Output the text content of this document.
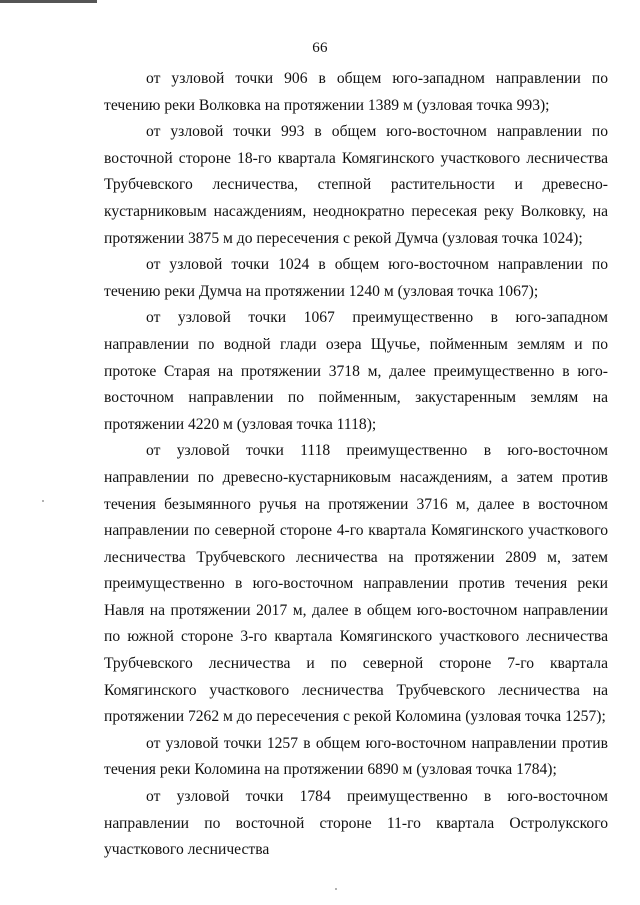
66

от узловой точки 906 в общем юго-западном направлении по течению реки Волковка на протяжении 1389 м (узловая точка 993);

от узловой точки 993 в общем юго-восточном направлении по восточной стороне 18-го квартала Комягинского участкового лесничества Трубчевского лесничества, степной растительности и древесно-кустарниковым насаждениям, неоднократно пересекая реку Волковку, на протяжении 3875 м до пересечения с рекой Думча (узловая точка 1024);

от узловой точки 1024 в общем юго-восточном направлении по течению реки Думча на протяжении 1240 м (узловая точка 1067);

от узловой точки 1067 преимущественно в юго-западном направлении по водной глади озера Щучье, пойменным землям и по протоке Старая на протяжении 3718 м, далее преимущественно в юго-восточном направлении по пойменным, закустаренным землям на протяжении 4220 м (узловая точка 1118);

от узловой точки 1118 преимущественно в юго-восточном направлении по древесно-кустарниковым насаждениям, а затем против течения безымянного ручья на протяжении 3716 м, далее в восточном направлении по северной стороне 4-го квартала Комягинского участкового лесничества Трубчевского лесничества на протяжении 2809 м, затем преимущественно в юго-восточном направлении против течения реки Навля на протяжении 2017 м, далее в общем юго-восточном направлении по южной стороне 3-го квартала Комягинского участкового лесничества Трубчевского лесничества и по северной стороне 7-го квартала Комягинского участкового лесничества Трубчевского лесничества на протяжении 7262 м до пересечения с рекой Коломина (узловая точка 1257);

от узловой точки 1257 в общем юго-восточном направлении против течения реки Коломина на протяжении 6890 м (узловая точка 1784);

от узловой точки 1784 преимущественно в юго-восточном направлении по восточной стороне 11-го квартала Остролукского участкового лесничества
